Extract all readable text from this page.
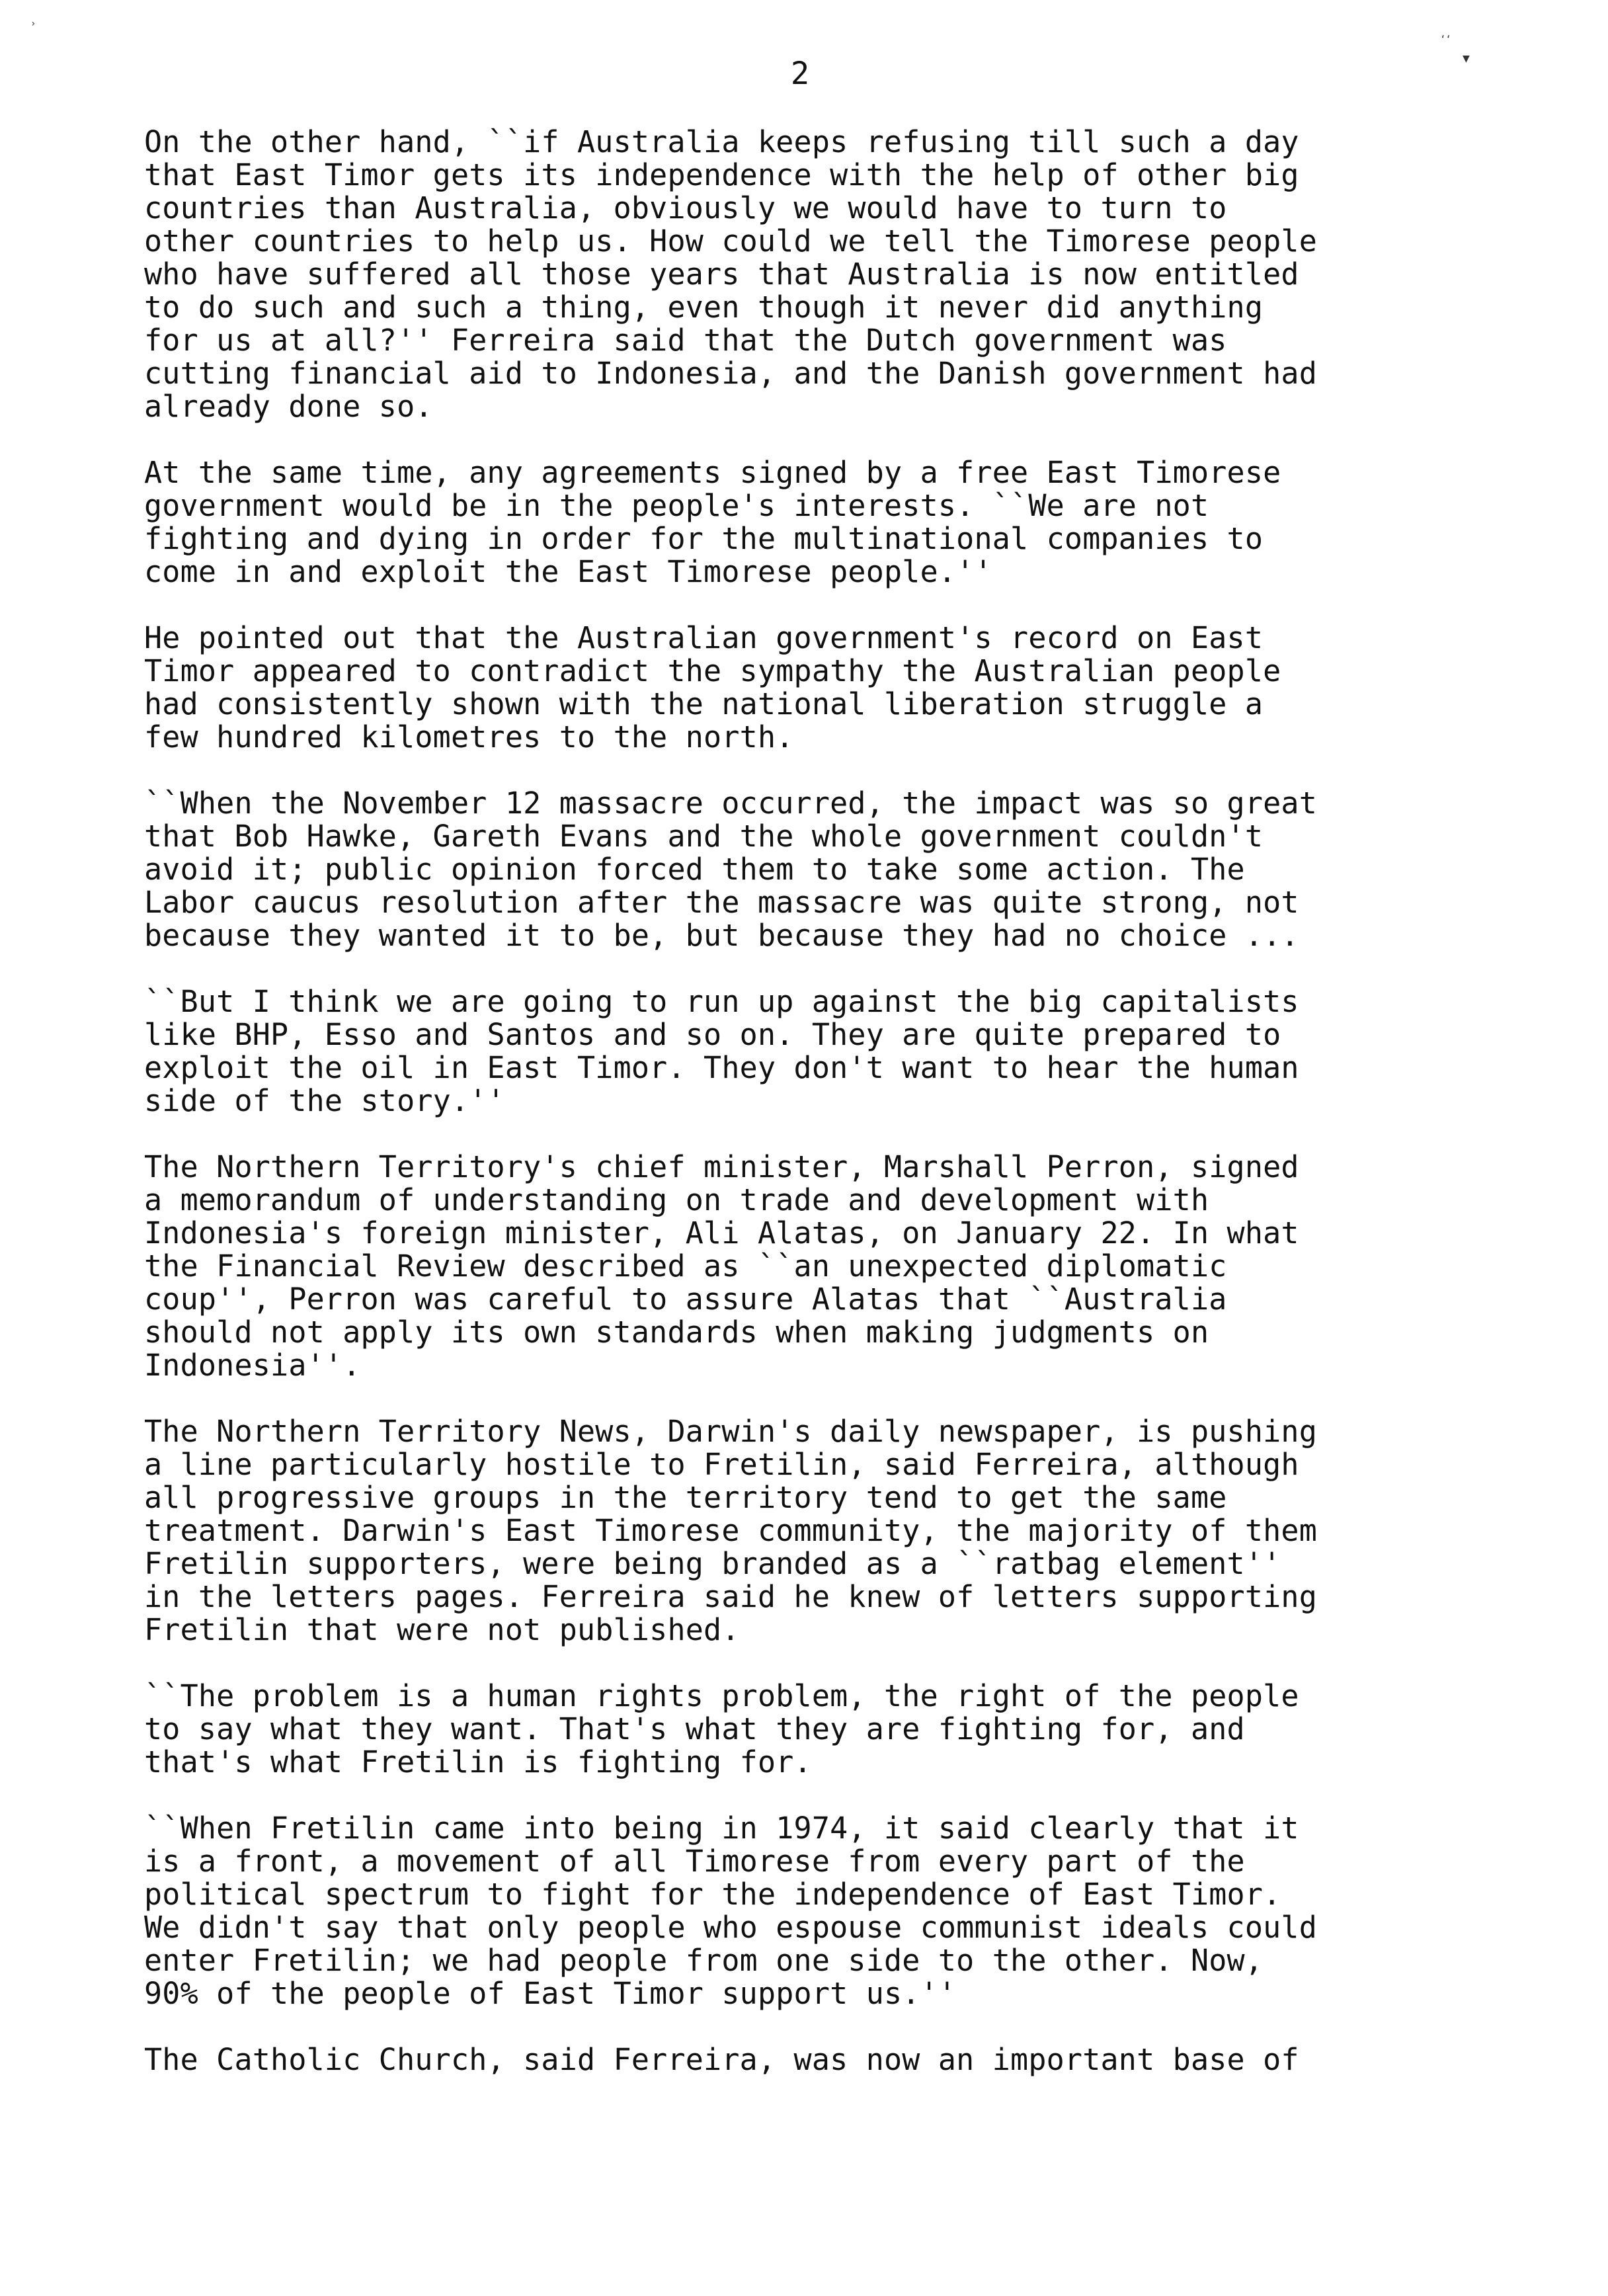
2
›
‘‘
▼
On the other hand, ``if Australia keeps refusing till such a day
that East Timor gets its independence with the help of other big
countries than Australia, obviously we would have to turn to
other countries to help us. How could we tell the Timorese people
who have suffered all those years that Australia is now entitled
to do such and such a thing, even though it never did anything
for us at all?'' Ferreira said that the Dutch government was
cutting financial aid to Indonesia, and the Danish government had
already done so.
At the same time, any agreements signed by a free East Timorese
government would be in the people's interests. ``We are not
fighting and dying in order for the multinational companies to
come in and exploit the East Timorese people.''
He pointed out that the Australian government's record on East
Timor appeared to contradict the sympathy the Australian people
had consistently shown with the national liberation struggle a
few hundred kilometres to the north.
``When the November 12 massacre occurred, the impact was so great
that Bob Hawke, Gareth Evans and the whole government couldn't
avoid it; public opinion forced them to take some action. The
Labor caucus resolution after the massacre was quite strong, not
because they wanted it to be, but because they had no choice ...
``But I think we are going to run up against the big capitalists
like BHP, Esso and Santos and so on. They are quite prepared to
exploit the oil in East Timor. They don't want to hear the human
side of the story.''
The Northern Territory's chief minister, Marshall Perron, signed
a memorandum of understanding on trade and development with
Indonesia's foreign minister, Ali Alatas, on January 22. In what
the Financial Review described as ``an unexpected diplomatic
coup'', Perron was careful to assure Alatas that ``Australia
should not apply its own standards when making judgments on
Indonesia''.
The Northern Territory News, Darwin's daily newspaper, is pushing
a line particularly hostile to Fretilin, said Ferreira, although
all progressive groups in the territory tend to get the same
treatment. Darwin's East Timorese community, the majority of them
Fretilin supporters, were being branded as a ``ratbag element''
in the letters pages. Ferreira said he knew of letters supporting
Fretilin that were not published.
``The problem is a human rights problem, the right of the people
to say what they want. That's what they are fighting for, and
that's what Fretilin is fighting for.
``When Fretilin came into being in 1974, it said clearly that it
is a front, a movement of all Timorese from every part of the
political spectrum to fight for the independence of East Timor.
We didn't say that only people who espouse communist ideals could
enter Fretilin; we had people from one side to the other. Now,
90% of the people of East Timor support us.''
The Catholic Church, said Ferreira, was now an important base of
